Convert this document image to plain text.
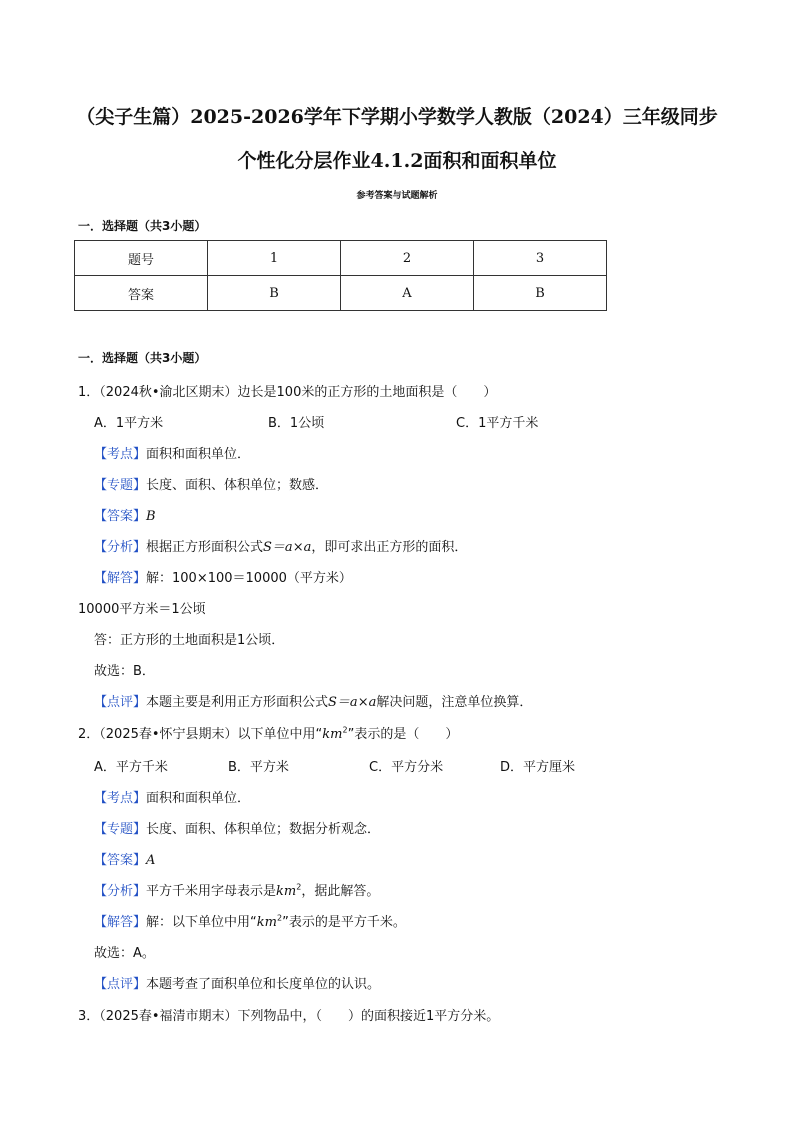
（尖子生篇）2025-2026学年下学期小学数学人教版（2024）三年级同步
个性化分层作业4.1.2面积和面积单位
参考答案与试题解析
一．选择题（共3小题）
题号	1	2	3
答案	B	A	B
一．选择题（共3小题）
1．（2024秋•渝北区期末）边长是100米的正方形的土地面积是（　　）
A．1平方米	B．1公顷	C．1平方千米
【考点】面积和面积单位．
【专题】长度、面积、体积单位；数感．
【答案】B
【分析】根据正方形面积公式S＝a×a，即可求出正方形的面积．
【解答】解：100×100＝10000（平方米）
10000平方米＝1公顷
答：正方形的土地面积是1公顷．
故选：B．
【点评】本题主要是利用正方形面积公式S＝a×a解决问题，注意单位换算．
2．（2025春•怀宁县期末）以下单位中用“$km^2$”表示的是（　　）
A．平方千米	B．平方米	C．平方分米	D．平方厘米
【考点】面积和面积单位．
【专题】长度、面积、体积单位；数据分析观念．
【答案】A
【分析】平方千米用字母表示是$km^2$，据此解答。
【解答】解：以下单位中用“$km^2$”表示的是平方千米。
故选：A。
【点评】本题考查了面积单位和长度单位的认识。
3．（2025春•福清市期末）下列物品中，（　　）的面积接近1平方分米。
